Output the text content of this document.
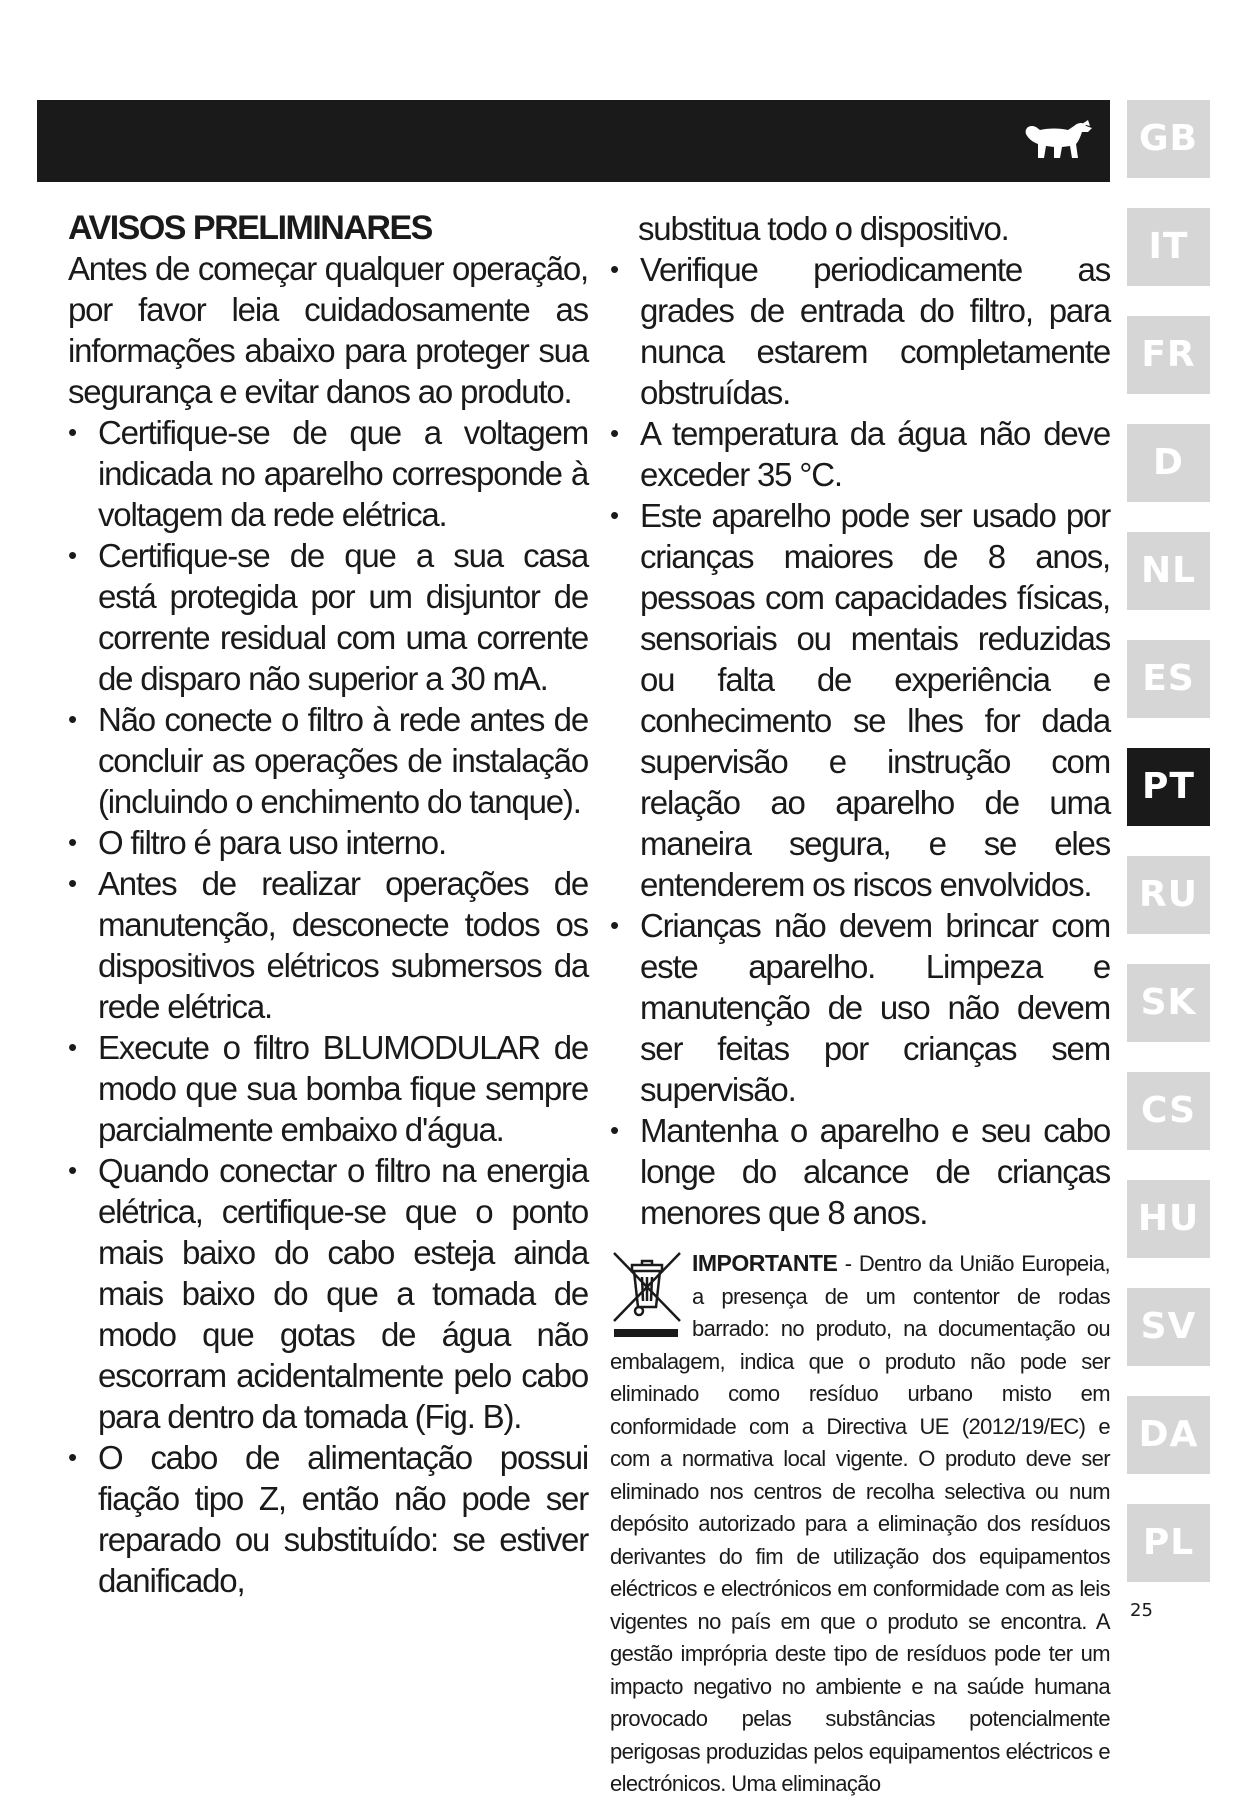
GB
IT
FR
D
NL
ES
PT
RU
SK
CS
HU
SV
DA
PL
AVISOS PRELIMINARES

Antes de começar qualquer operação, por favor leia cuidadosamente as informações abaixo para proteger sua segurança e evitar danos ao produto.

• Certifique-se de que a voltagem indicada no aparelho corresponde à voltagem da rede elétrica.
• Certifique-se de que a sua casa está protegida por um disjuntor de corrente residual com uma corrente de disparo não superior a 30 mA.
• Não conecte o filtro à rede antes de concluir as operações de instalação (incluindo o enchimento do tanque).
• O filtro é para uso interno.
• Antes de realizar operações de manutenção, desconecte todos os dispositivos elétricos submersos da rede elétrica.
• Execute o filtro BLUMODULAR de modo que sua bomba fique sempre parcialmente embaixo d'água.
• Quando conectar o filtro na energia elétrica, certifique-se que o ponto mais baixo do cabo esteja ainda mais baixo do que a tomada de modo que gotas de água não escorram acidentalmente pelo cabo para dentro da tomada (Fig. B).
• O cabo de alimentação possui fiação tipo Z, então não pode ser reparado ou substituído: se estiver danificado,

substitua todo o dispositivo.

• Verifique periodicamente as grades de entrada do filtro, para nunca estarem completamente obstruídas.
• A temperatura da água não deve exceder 35 °C.
• Este aparelho pode ser usado por crianças maiores de 8 anos, pessoas com capacidades físicas, sensoriais ou mentais reduzidas ou falta de experiência e conhecimento se lhes for dada supervisão e instrução com relação ao aparelho de uma maneira segura, e se eles entenderem os riscos envolvidos.
• Crianças não devem brincar com este aparelho. Limpeza e manutenção de uso não devem ser feitas por crianças sem supervisão.
• Mantenha o aparelho e seu cabo longe do alcance de crianças menores que 8 anos.

IMPORTANTE - Dentro da União Europeia, a presença de um contentor de rodas barrado: no produto, na documentação ou embalagem, indica que o produto não pode ser eliminado como resíduo urbano misto em conformidade com a Directiva UE (2012/19/EC) e com a normativa local vigente. O produto deve ser eliminado nos centros de recolha selectiva ou num depósito autorizado para a eliminação dos resíduos derivantes do fim de utilização dos equipamentos eléctricos e electrónicos em conformidade com as leis vigentes no país em que o produto se encontra. A gestão imprópria deste tipo de resíduos pode ter um impacto negativo no ambiente e na saúde humana provocado pelas substâncias potencialmente perigosas produzidas pelos equipamentos eléctricos e electrónicos. Uma eliminação

25
